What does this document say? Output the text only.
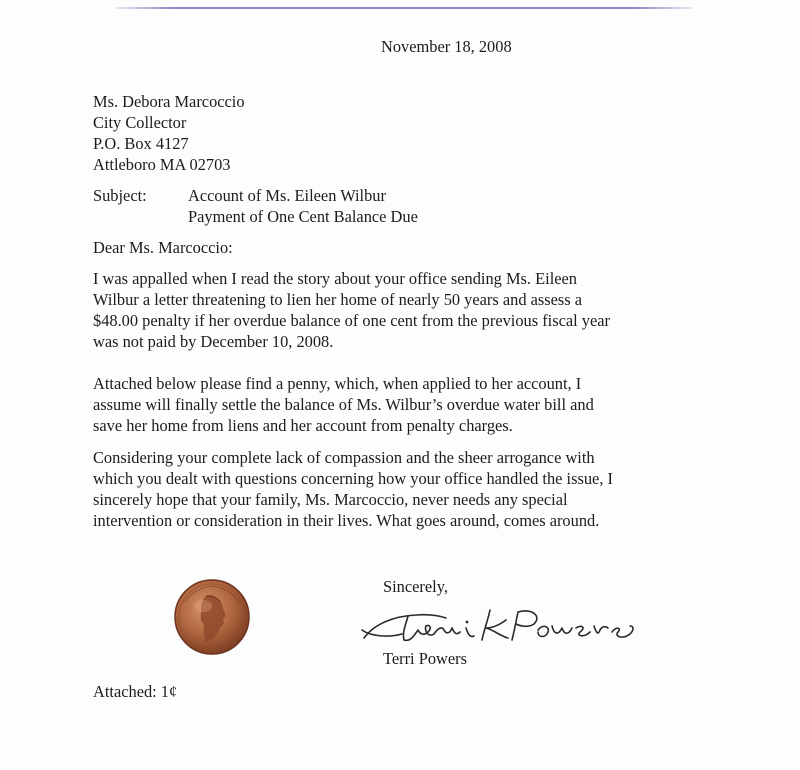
November 18, 2008
Ms. Debora Marcoccio
City Collector
P.O. Box 4127
Attleboro MA 02703
Subject:	Account of Ms. Eileen Wilbur
Payment of One Cent Balance Due
Dear Ms. Marcoccio:
I was appalled when I read the story about your office sending Ms. Eileen
Wilbur a letter threatening to lien her home of nearly 50 years and assess a
$48.00 penalty if her overdue balance of one cent from the previous fiscal year
was not paid by December 10, 2008.
Attached below please find a penny, which, when applied to her account, I
assume will finally settle the balance of Ms. Wilbur’s overdue water bill and
save her home from liens and her account from penalty charges.
Considering your complete lack of compassion and the sheer arrogance with
which you dealt with questions concerning how your office handled the issue, I
sincerely hope that your family, Ms. Marcoccio, never needs any special
intervention or consideration in their lives. What goes around, comes around.
Sincerely,
Terri Powers
Attached: 1¢
